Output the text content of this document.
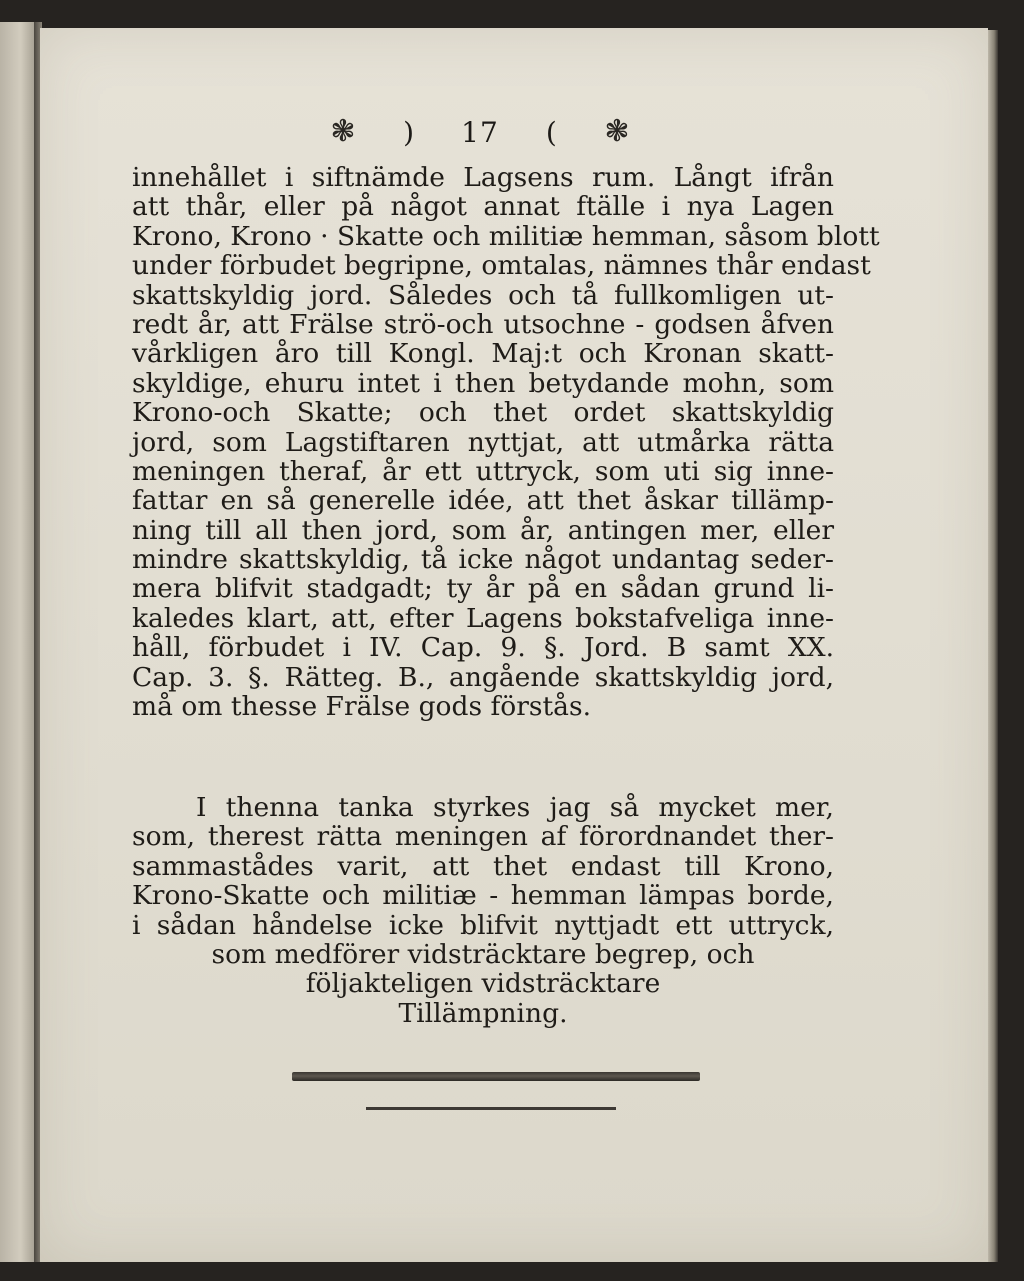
❃ ) 17 ( ❃
innehållet i siftnämde Lagsens rum. Långt ifrån
att thår, eller på något annat ftälle i nya Lagen
Krono, Krono · Skatte och militiæ hemman, såsom blott
under förbudet begripne, omtalas, nämnes thår endast
skattskyldig jord. Således och tå fullkomligen ut-
redt år, att Frälse strö-och utsochne - godsen åfven
vårkligen åro till Kongl. Maj:t och Kronan skatt-
skyldige, ehuru intet i then betydande mohn, som
Krono-och Skatte; och thet ordet skattskyldig
jord, som Lagstiftaren nyttjat, att utmårka rätta
meningen theraf, år ett uttryck, som uti sig inne-
fattar en så generelle idée, att thet åskar tillämp-
ning till all then jord, som år, antingen mer, eller
mindre skattskyldig, tå icke något undantag seder-
mera blifvit stadgadt; ty år på en sådan grund li-
kaledes klart, att, efter Lagens bokstafveliga inne-
håll, förbudet i IV. Cap. 9. §. Jord. B samt XX.
Cap. 3. §. Rätteg. B., angående skattskyldig jord,
må om thesse Frälse gods förstås.
I thenna tanka styrkes jag så mycket mer,
som, therest rätta meningen af förordnandet ther-
sammastådes varit, att thet endast till Krono,
Krono-Skatte och militiæ - hemman lämpas borde,
i sådan håndelse icke blifvit nyttjadt ett uttryck,
som medförer vidsträcktare begrep, och
följakteligen vidsträcktare
Tillämpning.
